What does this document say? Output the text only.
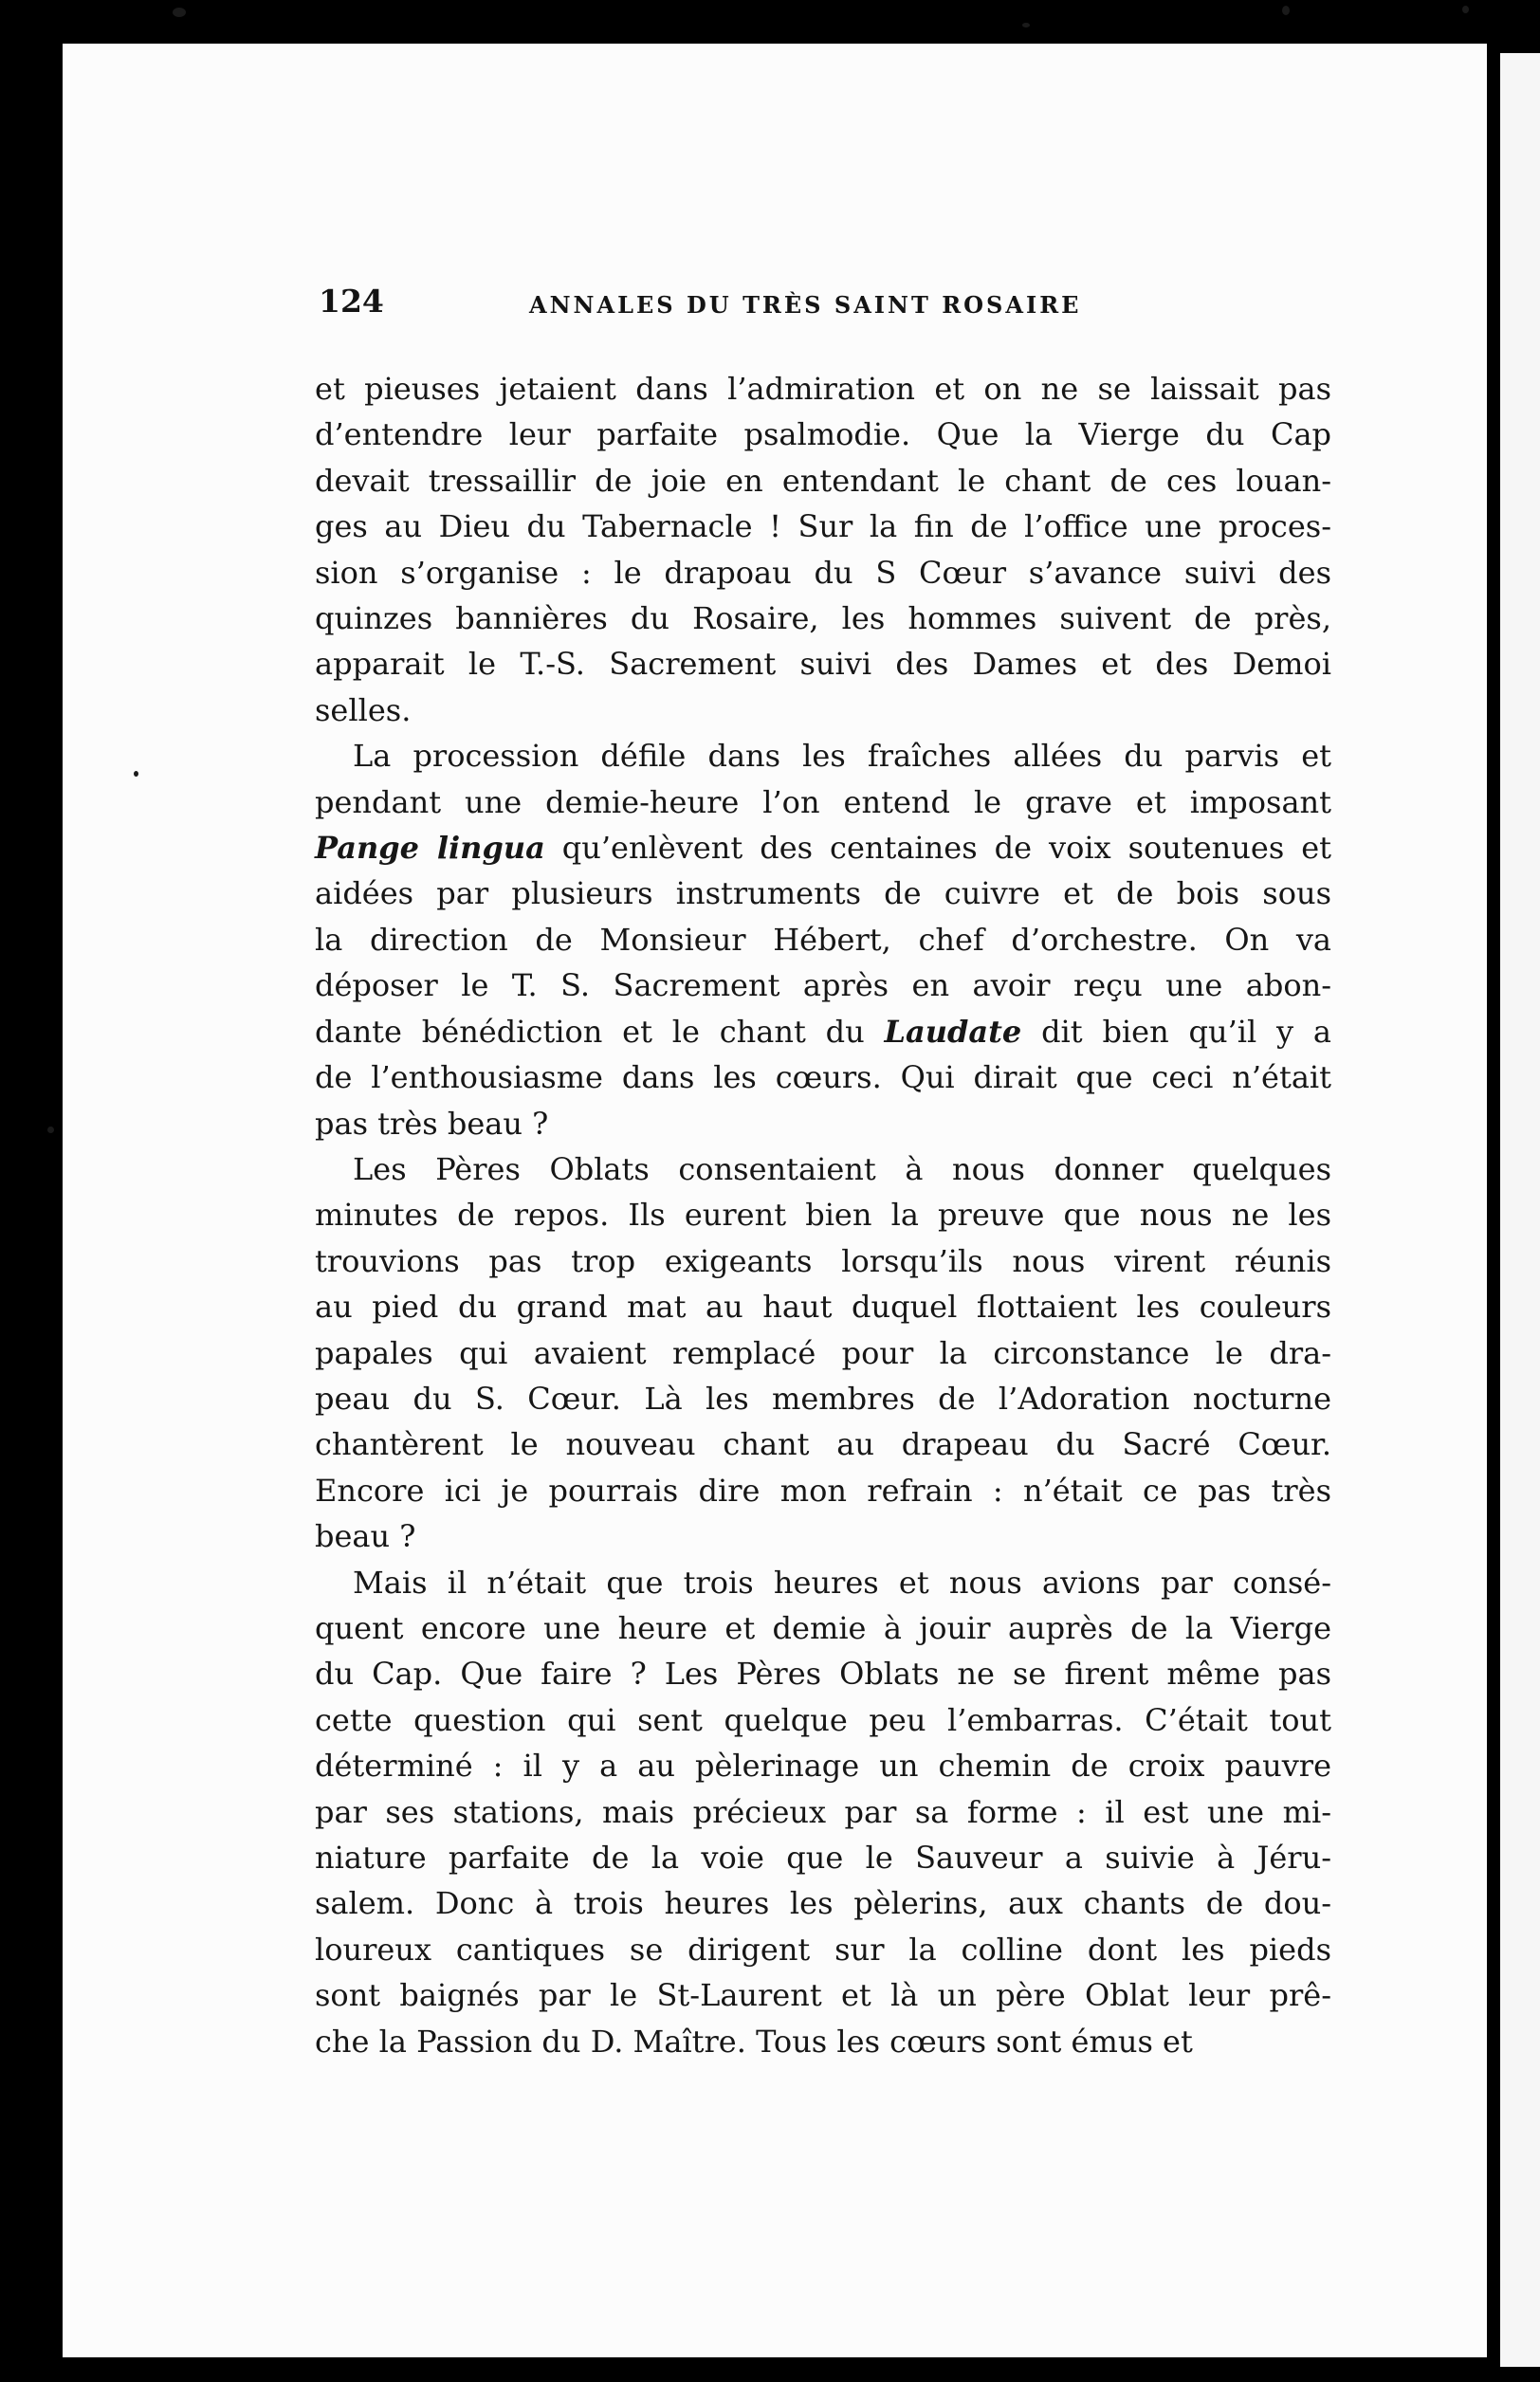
124	ANNALES DU TRÈS SAINT ROSAIRE
et pieuses jetaient dans l’admiration et on ne se laissait pas
d’entendre leur parfaite psalmodie. Que la Vierge du Cap
devait tressaillir de joie en entendant le chant de ces louan-
ges au Dieu du Tabernacle ! Sur la fin de l’office une proces-
sion s’organise : le drapoau du S Cœur s’avance suivi des
quinzes bannières du Rosaire, les hommes suivent de près,
apparait le T.-S. Sacrement suivi des Dames et des Demoi
selles.
La procession défile dans les fraîches allées du parvis et
pendant une demie-heure l’on entend le grave et imposant
Pange lingua qu’enlèvent des centaines de voix soutenues et
aidées par plusieurs instruments de cuivre et de bois sous
la direction de Monsieur Hébert, chef d’orchestre. On va
déposer le T. S. Sacrement après en avoir reçu une abon-
dante bénédiction et le chant du Laudate dit bien qu’il y a
de l’enthousiasme dans les cœurs. Qui dirait que ceci n’était
pas très beau ?
Les Pères Oblats consentaient à nous donner quelques
minutes de repos. Ils eurent bien la preuve que nous ne les
trouvions pas trop exigeants lorsqu’ils nous virent réunis
au pied du grand mat au haut duquel flottaient les couleurs
papales qui avaient remplacé pour la circonstance le dra-
peau du S. Cœur. Là les membres de l’Adoration nocturne
chantèrent le nouveau chant au drapeau du Sacré Cœur.
Encore ici je pourrais dire mon refrain : n’était ce pas très
beau ?
Mais il n’était que trois heures et nous avions par consé-
quent encore une heure et demie à jouir auprès de la Vierge
du Cap. Que faire ? Les Pères Oblats ne se firent même pas
cette question qui sent quelque peu l’embarras. C’était tout
déterminé : il y a au pèlerinage un chemin de croix pauvre
par ses stations, mais précieux par sa forme : il est une mi-
niature parfaite de la voie que le Sauveur a suivie à Jéru-
salem. Donc à trois heures les pèlerins, aux chants de dou-
loureux cantiques se dirigent sur la colline dont les pieds
sont baignés par le St-Laurent et là un père Oblat leur prê-
che la Passion du D. Maître. Tous les cœurs sont émus et
